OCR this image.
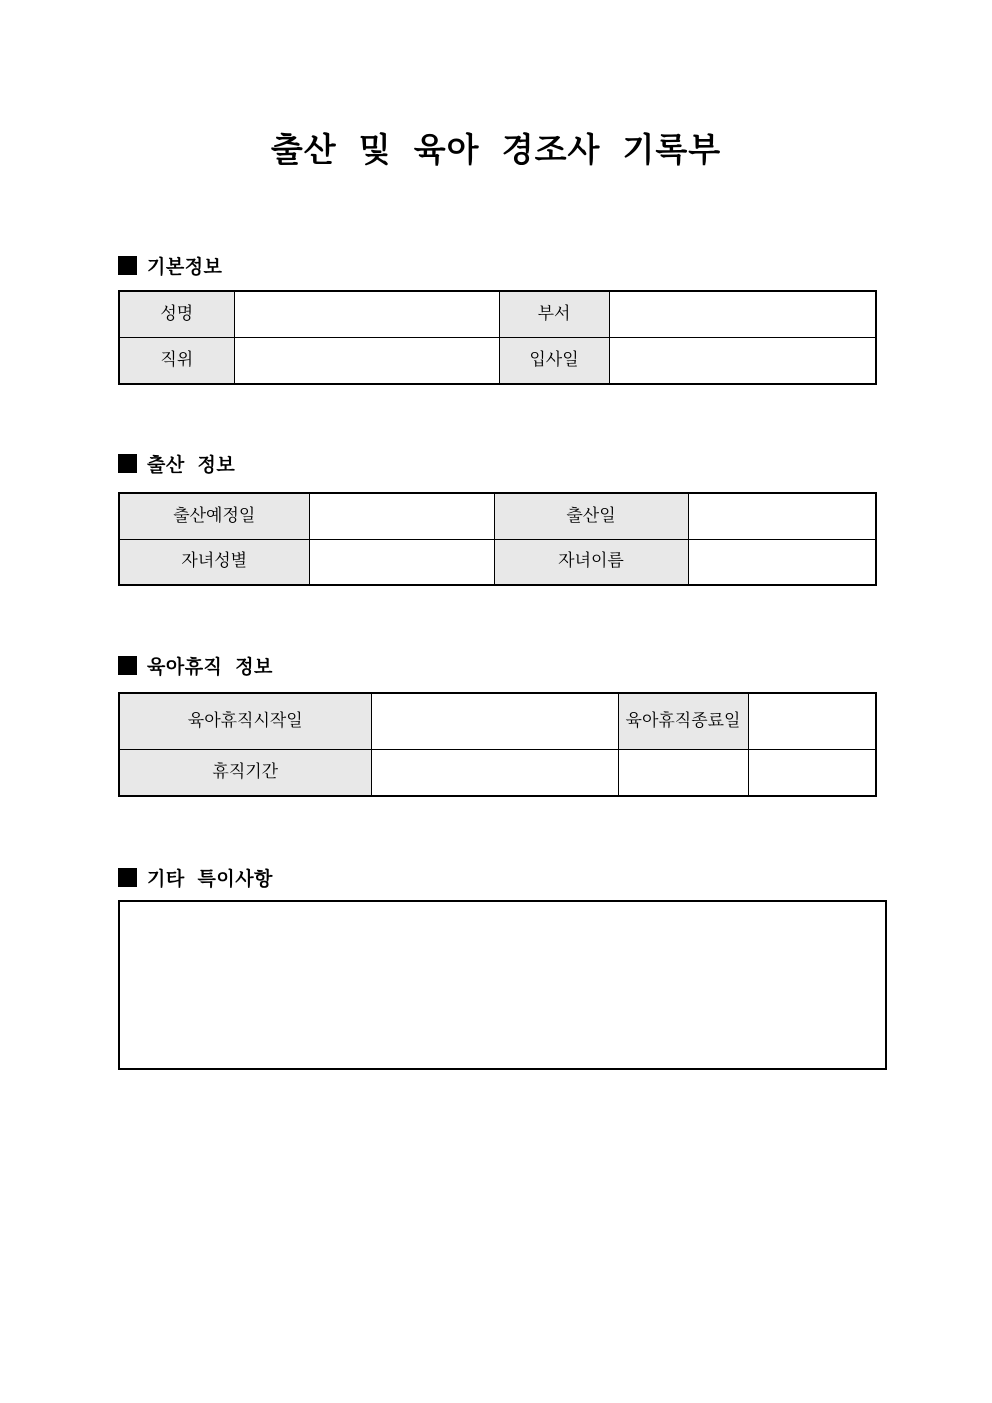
출산 및 육아 경조사 기록부
기본정보
성명		부서	
직위		입사일	
출산 정보
출산예정일		출산일	
자녀성별		자녀이름	
육아휴직 정보
육아휴직시작일		육아휴직종료일	
휴직기간			
기타 특이사항
